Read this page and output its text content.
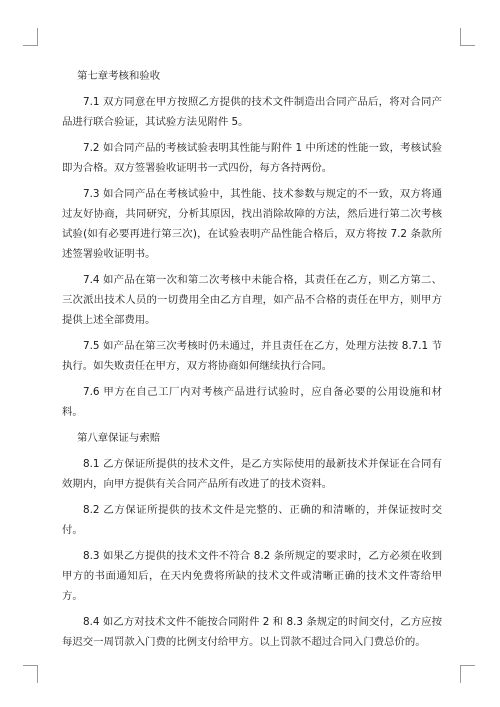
第七章考核和验收

7.1 双方同意在甲方按照乙方提供的技术文件制造出合同产品后，将对合同产品进行联合验证，其试验方法见附件 5。

7.2 如合同产品的考核试验表明其性能与附件 1 中所述的性能一致，考核试验即为合格。双方签署验收证明书一式四份，每方各持两份。

7.3 如合同产品在考核试验中，其性能、技术参数与规定的不一致，双方将通过友好协商，共同研究，分析其原因，找出消除故障的方法，然后进行第二次考核试验(如有必要再进行第三次)，在试验表明产品性能合格后，双方将按 7.2 条款所述签署验收证明书。

7.4 如产品在第一次和第二次考核中未能合格，其责任在乙方，则乙方第二、三次派出技术人员的一切费用全由乙方自理，如产品不合格的责任在甲方，则甲方提供上述全部费用。

7.5 如产品在第三次考核时仍未通过，并且责任在乙方，处理方法按 8.7.1 节执行。如失败责任在甲方，双方将协商如何继续执行合同。

7.6 甲方在自己工厂内对考核产品进行试验时，应自备必要的公用设施和材料。

第八章保证与索赔

8.1 乙方保证所提供的技术文件，是乙方实际使用的最新技术并保证在合同有效期内，向甲方提供有关合同产品所有改进了的技术资料。

8.2 乙方保证所提供的技术文件是完整的、正确的和清晰的，并保证按时交付。

8.3 如果乙方提供的技术文件不符合 8.2 条所规定的要求时，乙方必须在收到甲方的书面通知后，在天内免费将所缺的技术文件或清晰正确的技术文件寄给甲方。

8.4 如乙方对技术文件不能按合同附件 2 和 8.3 条规定的时间交付，乙方应按每迟交一周罚款入门费的比例支付给甲方。以上罚款不超过合同入门费总价的。
